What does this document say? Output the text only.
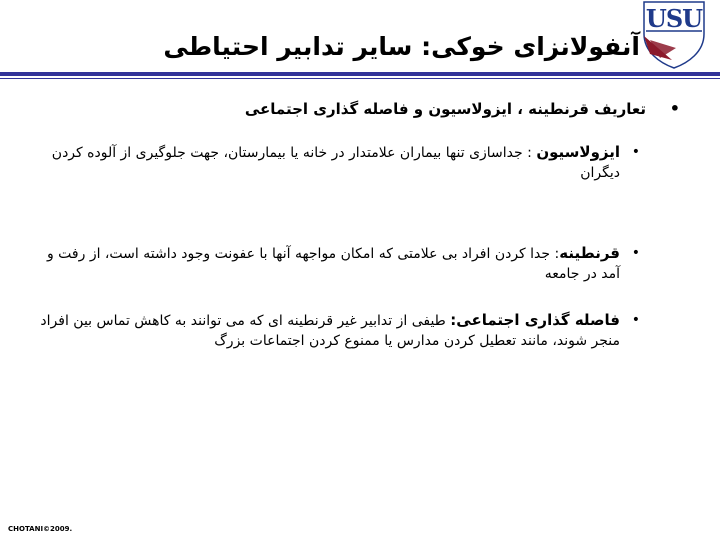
USU
آنفولانزای خوکی: سایر تدابیر احتیاطی
•
تعاریف قرنطینه ، ایزولاسیون و فاصله گذاری اجتماعی
•
ایزولاسیون : جداسازی تنها بیماران علامتدار در خانه یا بیمارستان، جهت جلوگیری از آلوده کردن دیگران
•
قرنطینه: جدا کردن افراد بی علامتی که امکان مواجهه آنها با عفونت وجود داشته است، از رفت و آمد در جامعه
•
فاصله گذاری اجتماعی: طیفی از تدابیر غیر قرنطینه ای که می توانند به کاهش تماس بین افراد منجر شوند، مانند تعطیل کردن مدارس یا ممنوع کردن اجتماعات بزرگ
CHOTANI©2009.
